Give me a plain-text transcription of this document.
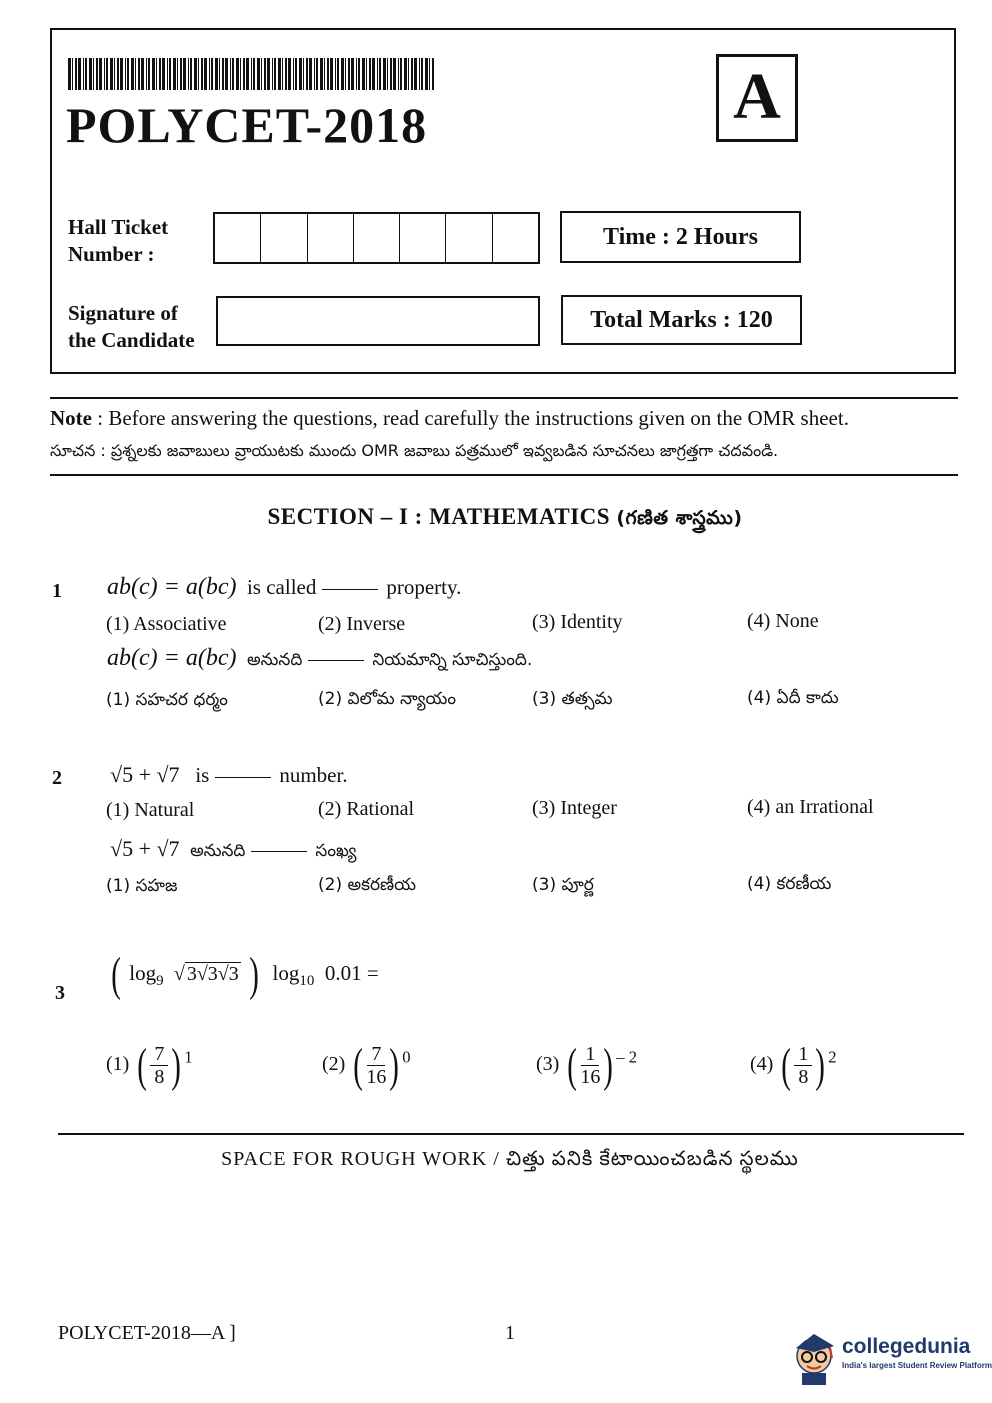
POLYCET-2018	A
Hall Ticket
Number :
Signature of
the Candidate
Time : 2 Hours
Total Marks : 120
Note : Before answering the questions, read carefully the instructions given on the OMR sheet.
సూచన : ప్రశ్నలకు జవాబులు వ్రాయుటకు ముందు OMR జవాబు పత్రములో ఇవ్వబడిన సూచనలు జాగ్రత్తగా చదవండి.
SECTION – I : MATHEMATICS (గణిత శాస్త్రము)
1 ab(c) = a(bc) is called	property.
(1) Associative	(2) Inverse	(3) Identity	(4) None
ab(c) = a(bc) అనునది	నియమాన్ని సూచిస్తుంది.
(1) సహచర ధర్మం	(2) విలోమ న్యాయం	(3) తత్సమ	(4) ఏదీ కాదు
2 √5 + √7 is	number.
(1) Natural	(2) Rational	(3) Integer	(4) an Irrational
√5 + √7 అనునది	సంఖ్య
(1) సహజ	(2) అకరణీయ	(3) పూర్ణ	(4) కరణీయ
3 ( $\log_9$  √ 3√3√3 ) $\log_{10} 0.01$ =
(1) ( $\frac{7}{8}$ ) $^1$	(2) ( $\frac{7}{16}$ ) $^0$	(3) ( $\frac{1}{16}$ ) $^{- 2}$	(4) ( $\frac{1}{8}$ ) $^2$
SPACE FOR ROUGH WORK / చిత్తు పనికి కేటాయించబడిన స్థలము
POLYCET-2018—A ]	1
collegedunia
India's largest Student Review Platform
